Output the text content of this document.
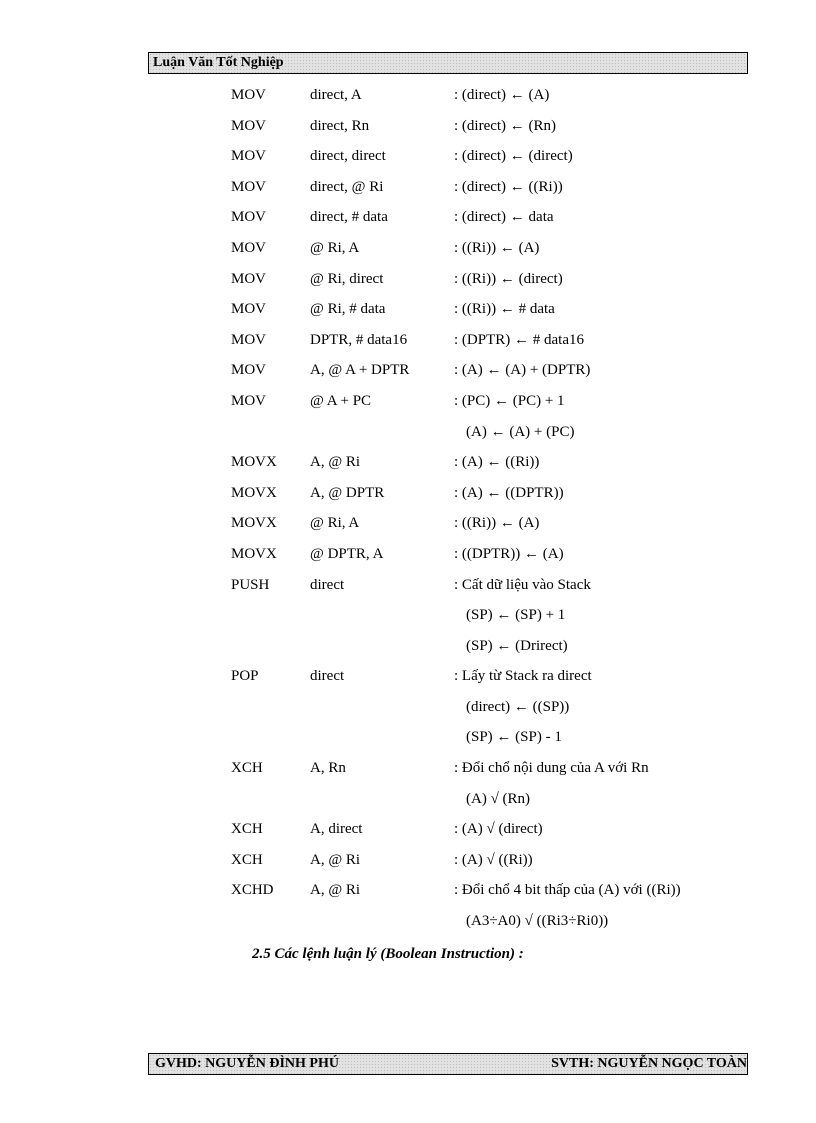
Luận Văn Tốt Nghiệp
MOV	direct, A	: (direct) ← (A)
MOV	direct, Rn	: (direct) ← (Rn)
MOV	direct, direct	: (direct) ← (direct)
MOV	direct, @ Ri	: (direct) ← ((Ri))
MOV	direct, # data	: (direct) ← data
MOV	@ Ri, A	: ((Ri)) ← (A)
MOV	@ Ri, direct	: ((Ri)) ← (direct)
MOV	@ Ri, # data	: ((Ri)) ← # data
MOV	DPTR, # data16	: (DPTR) ← # data16
MOV	A, @ A + DPTR	: (A) ← (A) + (DPTR)
MOV	@ A + PC	: (PC) ← (PC) + 1
(A) ← (A) + (PC)
MOVX A, @ Ri	: (A) ← ((Ri))
MOVX A, @ DPTR	: (A) ← ((DPTR))
MOVX @ Ri, A	: ((Ri)) ← (A)
MOVX @ DPTR, A	: ((DPTR)) ← (A)
PUSH	direct	: Cất dữ liệu vào Stack
(SP) ← (SP) + 1
(SP) ← (Drirect)
POP	direct	: Lấy từ Stack ra direct
(direct) ← ((SP))
(SP) ← (SP) - 1
XCH	A, Rn	: Đổi chổ nội dung của A với Rn
(A) √ (Rn)
XCH	A, direct	: (A) √ (direct)
XCH	A, @ Ri	: (A) √ ((Ri))
XCHD A, @ Ri	: Đổi chổ 4 bit thấp của (A) với ((Ri))
(A3÷A0) √ ((Ri3÷Ri0))
2.5 Các lệnh luận lý (Boolean Instruction) :
GVHD: NGUYỄN ĐÌNH PHÚ	SVTH: NGUYỄN NGỌC TOÀN
